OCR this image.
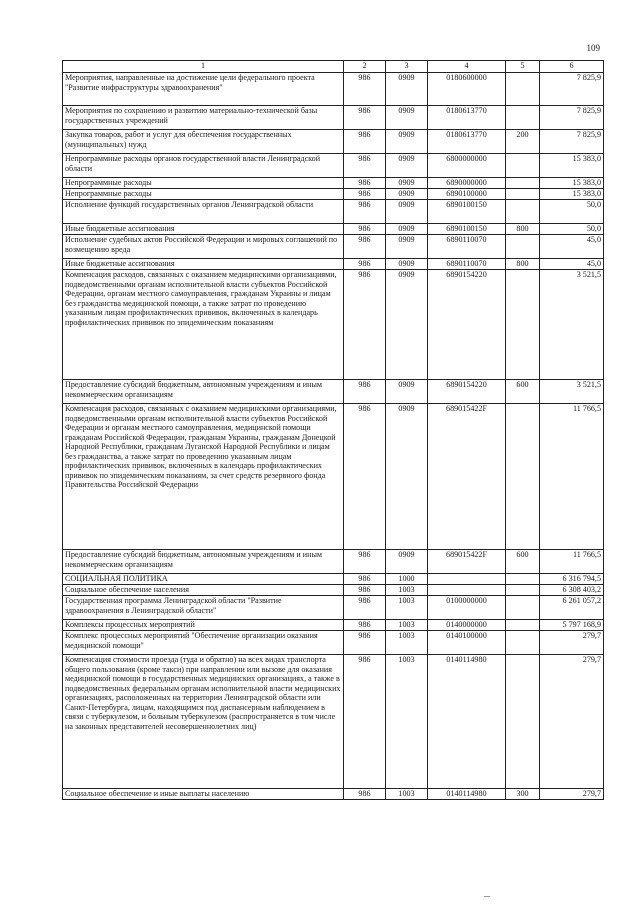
109
1	2	3	4	5	6
Мероприятия, направленные на достижение цели федерального проекта "Развитие инфраструктуры здравоохранения"	986	0909	0180600000		7 825,9
Мероприятия по сохранению и развитию материально-технической базы государственных учреждений	986	0909	0180613770		7 825,9
Закупка товаров, работ и услуг для обеспечения государственных (муниципальных) нужд	986	0909	0180613770	200	7 825,9
Непрограммные расходы органов государственной власти Ленинградской области	986	0909	6800000000		15 383,0
Непрограммные расходы	986	0909	6890000000		15 383,0
Непрограммные расходы	986	0909	6890100000		15 383,0
Исполнение функций государственных органов Ленинградской области	986	0909	6890100150		50,0
Иные бюджетные ассигнования	986	0909	6890100150	800	50,0
Исполнение судебных актов Российской Федерации и мировых соглашений по возмещению вреда	986	0909	6890110070		45,0
Иные бюджетные ассигнования	986	0909	6890110070	800	45,0
Компенсация расходов, связанных с оказанием медицинскими организациями, подведомственными органам исполнительной власти субъектов Российской Федерации, органам местного самоуправления, гражданам Украины и лицам без гражданства медицинской помощи, а также затрат по проведению указанным лицам профилактических прививок, включенных в календарь профилактических прививок по эпидемическим показаниям	986	0909	6890154220		3 521,5
Предоставление субсидий бюджетным, автономным учреждениям и иным некоммерческим организациям	986	0909	6890154220	600	3 521,5
Компенсация расходов, связанных с оказанием медицинскими организациями, подведомственными органам исполнительной власти субъектов Российской Федерации и органам местного самоуправления, медицинской помощи гражданам Российской Федерации, гражданам Украины, гражданам Донецкой Народной Республики, гражданам Луганской Народной Республики и лицам без гражданства, а также затрат по проведению указанным лицам профилактических прививок, включенных в календарь профилактических прививок по эпидемическим показаниям, за счет средств резервного фонда Правительства Российской Федерации	986	0909	689015422F		11 766,5
Предоставление субсидий бюджетным, автономным учреждениям и иным некоммерческим организациям	986	0909	689015422F	600	11 766,5
СОЦИАЛЬНАЯ ПОЛИТИКА	986	1000			6 316 794,5
Социальное обеспечение населения	986	1003			6 308 403,2
Государственная программа Ленинградской области "Развитие здравоохранения в Ленинградской области"	986	1003	0100000000		6 261 057,2
Комплексы процессных мероприятий	986	1003	0140000000		5 797 168,9
Комплекс процессных мероприятий "Обеспечение организации оказания медицинской помощи"	986	1003	0140100000		279,7
Компенсация стоимости проезда (туда и обратно) на всех видах транспорта общего пользования (кроме такси) при направлении или вызове для оказания медицинской помощи в государственных медицинских организациях, а также в подведомственных федеральным органам исполнительной власти медицинских организациях, расположенных на территории Ленинградской области или Санкт-Петербурга, лицам, находящимся под диспансерным наблюдением в связи с туберкулезом, и больным туберкулезом (распространяется в том числе на законных представителей несовершеннолетних лиц)	986	1003	0140114980		279,7
Социальное обеспечение и иные выплаты населению	986	1003	0140114980	300	279,7
